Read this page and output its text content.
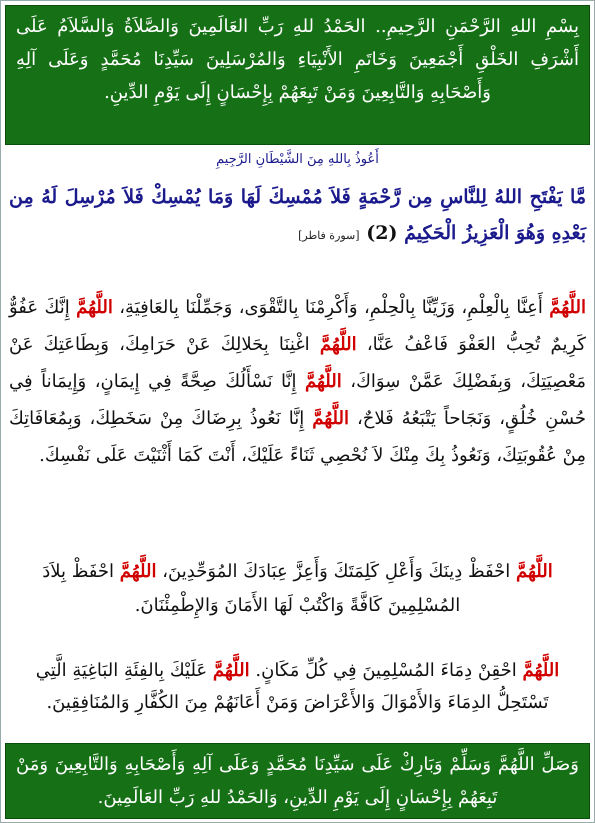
بِسْمِ اللهِ الرَّحْمَنِ الرَّحِيمِ.. الحَمْدُ للهِ رَبِّ العَالَمِينَ وَالصَّلاَةُ وَالسَّلاَمُ عَلَى أَشْرَفِ الخَلْقِ أَجْمَعِينَ وَخَاتَمِ الأَنْبِيَاءِ وَالمُرْسَلِينَ سَيِّدِنَا مُحَمَّدٍ وَعَلَى آلِهِ وَأَصْحَابِهِ وَالتَّابِعِينَ وَمَنْ تَبِعَهُمْ بِإِحْسَانٍ إِلَى يَوْمِ الدِّينِ.
أَعُوذُ بِاللهِ مِنَ الشَّيْطَانِ الرَّجِيمِ
مَّا يَفْتَحِ اللهُ لِلنَّاسِ مِن رَّحْمَةٍ فَلاَ مُمْسِكَ لَهَا وَمَا يُمْسِكْ فَلاَ مُرْسِلَ لَهُ مِن بَعْدِهِ وَهُوَ الْعَزِيزُ الْحَكِيمُ (2) [سورة فاطر]

اللَّهُمَّ أَعِنَّا بِالْعِلْمِ، وَزَيِّنَّا بِالْحِلْمِ، وَأَكْرِمْنَا بِالتَّقْوَى، وَجَمِّلْنَا بِالعَافِيَةِ، اللَّهُمَّ إِنَّكَ عَفُوٌّ كَرِيمٌ تُحِبُّ العَفْوَ فَاعْفُ عَنَّا، اللَّهُمَّ اغْنِنَا بِحَلالِكَ عَنْ حَرَامِكَ، وَبِطَاعَتِكَ عَنْ مَعْصِيَتِكَ، وَبِفَضْلِكَ عَمَّنْ سِوَاكَ، اللَّهُمَّ إِنَّا نَسْأَلُكَ صِحَّةً فِي إِيمَانٍ، وَإِيمَاناً فِي حُسْنِ خُلُقٍ، وَنَجَاحاً يَتْبَعُهُ فَلاحٌ، اللَّهُمَّ إِنَّا نَعُوذُ بِرِضَاكَ مِنْ سَخَطِكَ، وَبِمُعَافَاتِكَ مِنْ عُقُوبَتِكَ، وَنَعُوذُ بِكَ مِنْكَ لاَ نُحْصِي ثَنَاءً عَلَيْكَ، أَنْتَ كَمَا أَثْنَيْتَ عَلَى نَفْسِكَ.

اللَّهُمَّ احْفَظْ دِينَكَ وَأَعْلِ كَلِمَتَكَ وَأَعِزَّ عِبَادَكَ المُوَحِّدِينَ، اللَّهُمَّ احْفَظْ بِلاَدَ المُسْلِمِينَ كَافَّةً وَاكْتُبْ لَهَا الأَمَانَ وَالإِطْمِئْنَانَ.

اللَّهُمَّ احْقِنْ دِمَاءَ المُسْلِمِينَ فِي كُلِّ مَكَانٍ. اللَّهُمَّ عَلَيْكَ بِالفِئَةِ البَاغِيَةِ الَّتِي تَسْتَحِلُّ الدِمَاءَ وَالأَمْوَالَ وَالأَعْرَاضَ وَمَنْ أَعَانَهُمْ مِنَ الكُفَّارِ وَالمُنَافِقِينَ.

وَصَلِّ اللَّهُمَّ وَسَلِّمْ وَبَارِكْ عَلَى سَيِّدِنَا مُحَمَّدٍ وَعَلَى آلِهِ وَأَصْحَابِهِ وَالتَّابِعِينَ وَمَنْ تَبِعَهُمْ بِإِحْسَانٍ إِلَى يَوْمِ الدِّينِ، وَالحَمْدُ للهِ رَبِّ العَالَمِينَ.
